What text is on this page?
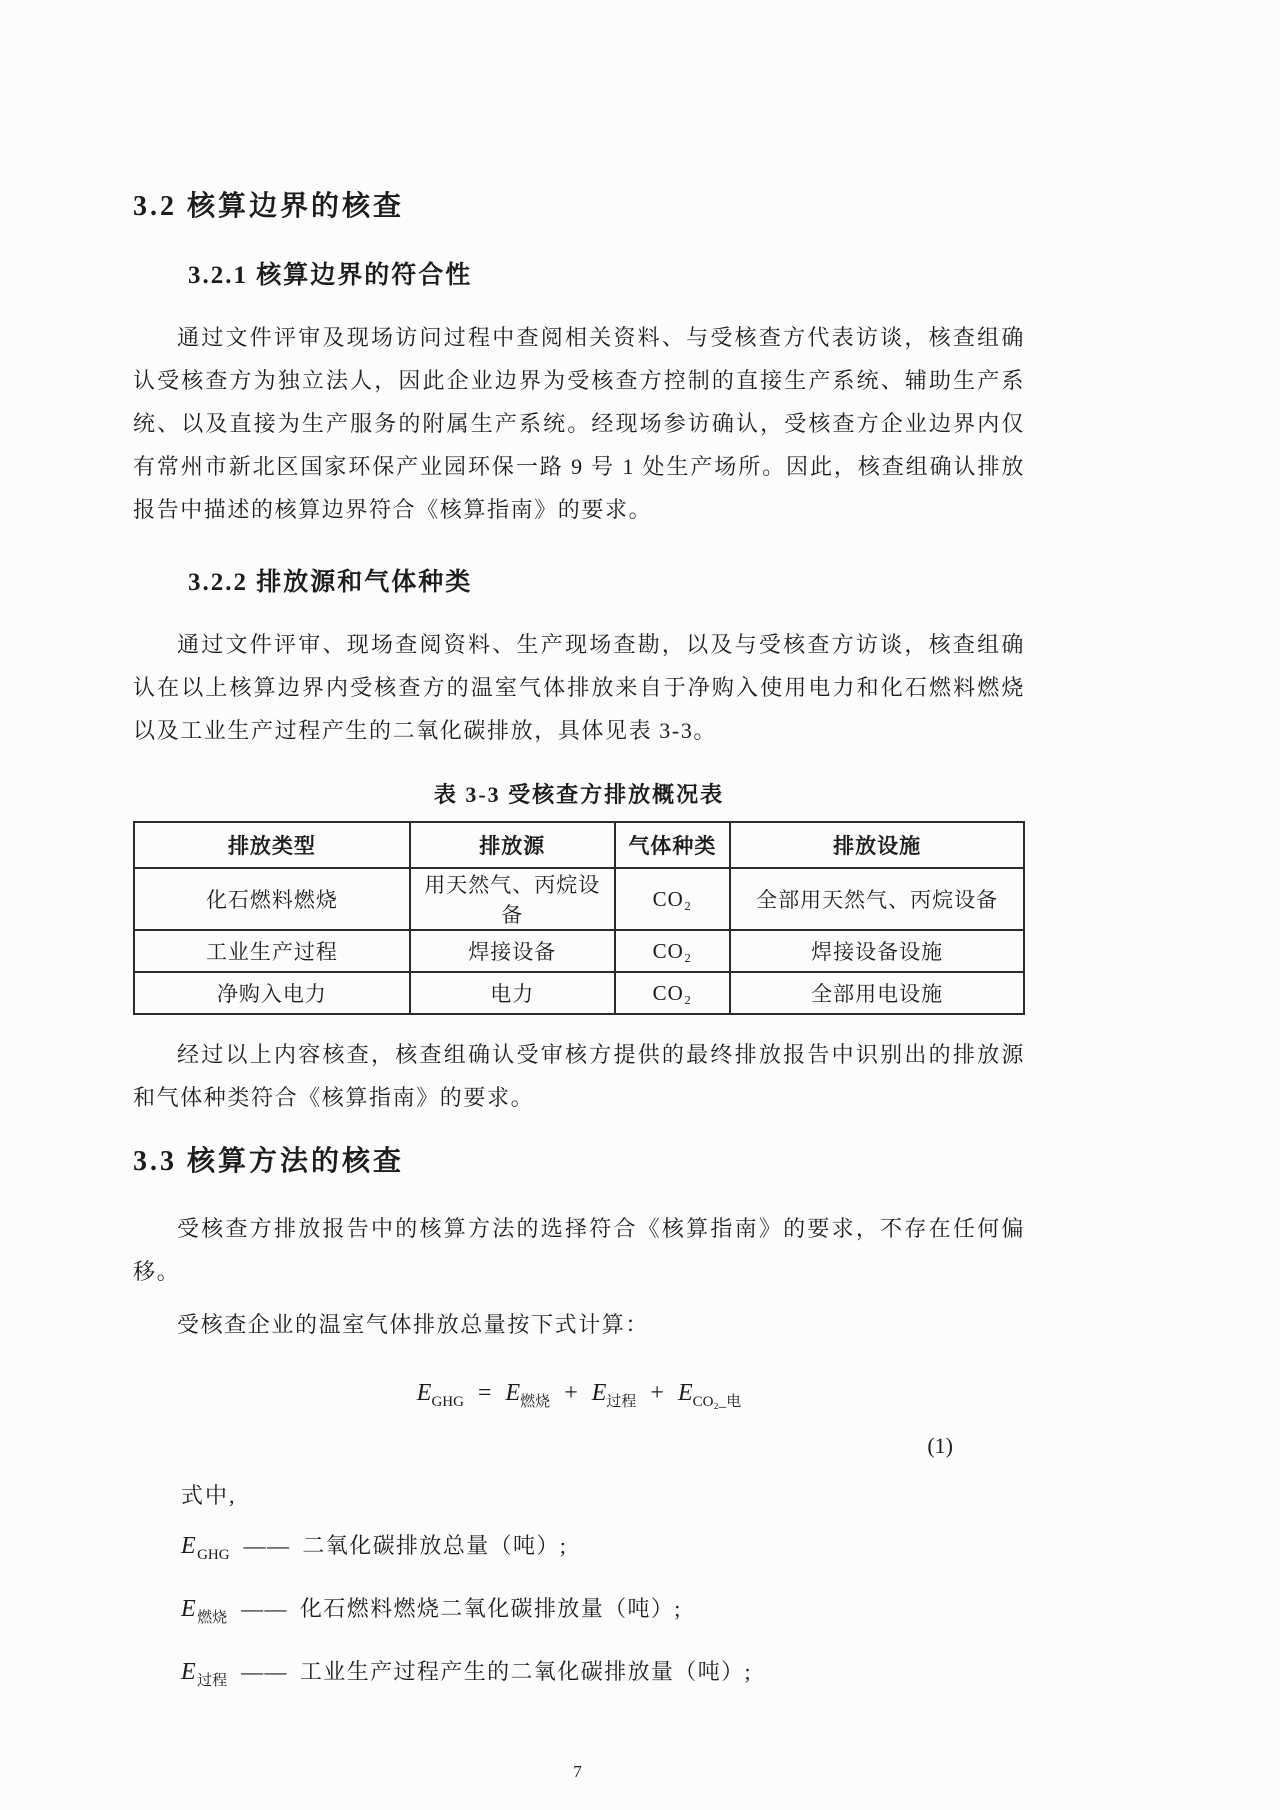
3.2 核算边界的核查
3.2.1 核算边界的符合性

通过文件评审及现场访问过程中查阅相关资料、与受核查方代表访谈，核查组确认受核查方为独立法人，因此企业边界为受核查方控制的直接生产系统、辅助生产系统、以及直接为生产服务的附属生产系统。经现场参访确认，受核查方企业边界内仅有常州市新北区国家环保产业园环保一路 9 号 1 处生产场所。因此，核查组确认排放报告中描述的核算边界符合《核算指南》的要求。

3.2.2 排放源和气体种类

通过文件评审、现场查阅资料、生产现场查勘，以及与受核查方访谈，核查组确认在以上核算边界内受核查方的温室气体排放来自于净购入使用电力和化石燃料燃烧以及工业生产过程产生的二氧化碳排放，具体见表 3-3。

表 3-3 受核查方排放概况表
排放类型	排放源	气体种类	排放设施
化石燃料燃烧	用天然气、丙烷设备	CO₂	全部用天然气、丙烷设备
工业生产过程	焊接设备	CO₂	焊接设备设施
净购入电力	电力	CO₂	全部用电设施

经过以上内容核查，核查组确认受审核方提供的最终排放报告中识别出的排放源和气体种类符合《核算指南》的要求。

3.3 核算方法的核查

受核查方排放报告中的核算方法的选择符合《核算指南》的要求，不存在任何偏移。

受核查企业的温室气体排放总量按下式计算：

$E_{GHG} = E_{燃烧} + E_{过程} + E_{CO_2\_电}$
(1)
式中,
$E_{GHG}$ —— 二氧化碳排放总量（吨）;
$E_{燃烧}$ —— 化石燃料燃烧二氧化碳排放量（吨）;
$E_{过程}$ —— 工业生产过程产生的二氧化碳排放量（吨）;
7
